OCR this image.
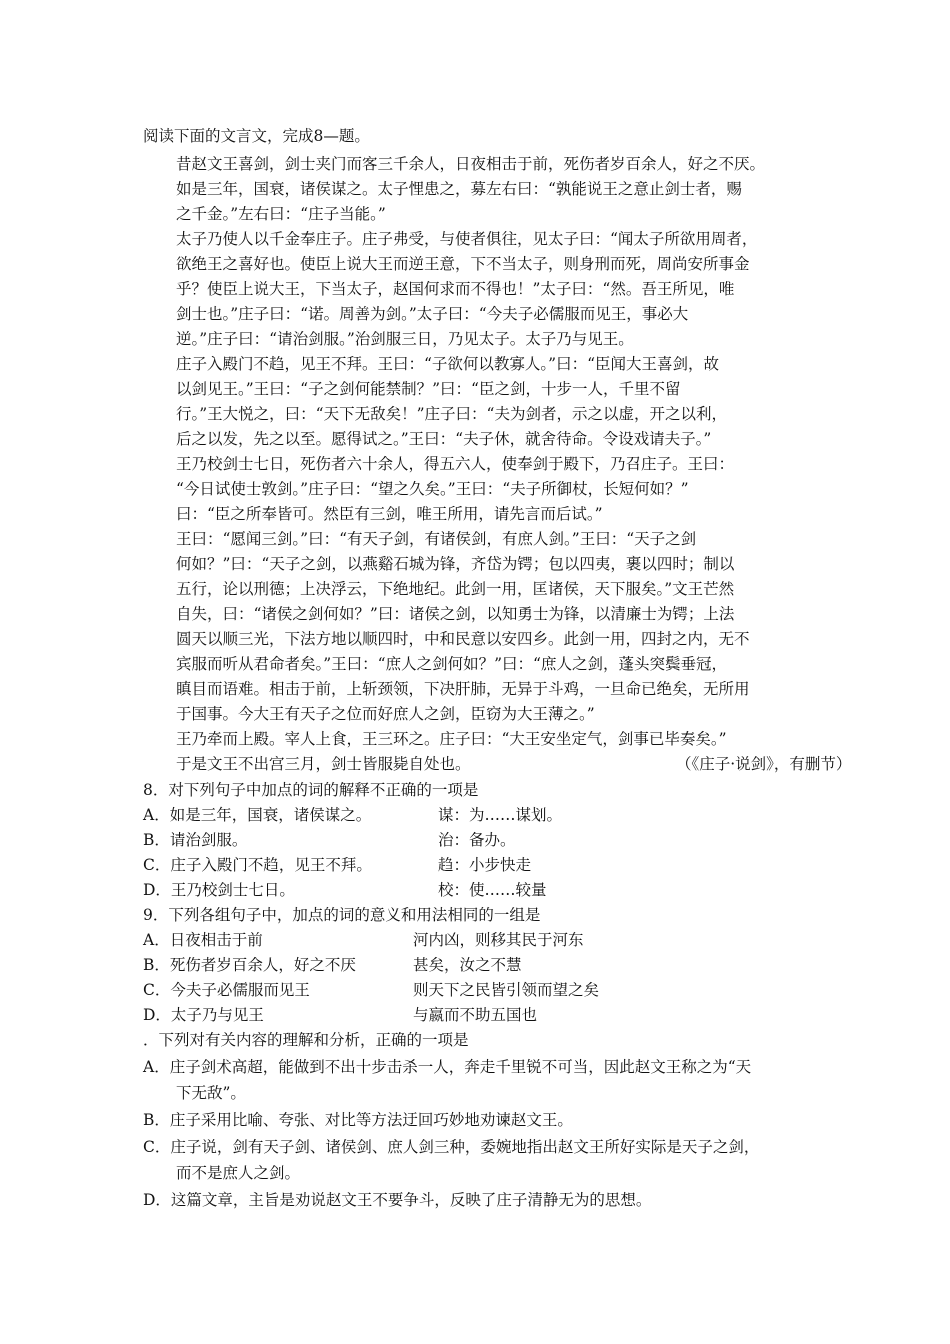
阅读下面的文言文，完成8—题。
昔赵文王喜剑，剑士夹门而客三千余人，日夜相击于前，死伤者岁百余人，好之不厌。
如是三年，国衰，诸侯谋之。太子悝患之，募左右曰：“孰能说王之意止剑士者，赐
之千金。”左右曰：“庄子当能。”
太子乃使人以千金奉庄子。庄子弗受，与使者俱往，见太子曰：“闻太子所欲用周者，
欲绝王之喜好也。使臣上说大王而逆王意，下不当太子，则身刑而死，周尚安所事金
乎？使臣上说大王，下当太子，赵国何求而不得也！”太子曰：“然。吾王所见，唯
剑士也。”庄子曰：“诺。周善为剑。”太子曰：“今夫子必儒服而见王，事必大
逆。”庄子曰：“请治剑服。”治剑服三日，乃见太子。太子乃与见王。
庄子入殿门不趋，见王不拜。王曰：“子欲何以教寡人。”曰：“臣闻大王喜剑，故
以剑见王。”王曰：“子之剑何能禁制？”曰：“臣之剑，十步一人，千里不留
行。”王大悦之，曰：“天下无敌矣！”庄子曰：“夫为剑者，示之以虚，开之以利，
后之以发，先之以至。愿得试之。”王曰：“夫子休，就舍待命。令设戏请夫子。”
王乃校剑士七日，死伤者六十余人，得五六人，使奉剑于殿下，乃召庄子。王曰：
“今日试使士敦剑。”庄子曰：“望之久矣。”王曰：“夫子所御杖，长短何如？”
曰：“臣之所奉皆可。然臣有三剑，唯王所用，请先言而后试。”
王曰：“愿闻三剑。”曰：“有天子剑，有诸侯剑，有庶人剑。”王曰：“天子之剑
何如？”曰：“天子之剑，以燕谿石城为锋，齐岱为锷；包以四夷，裹以四时；制以
五行，论以刑德；上决浮云，下绝地纪。此剑一用，匡诸侯，天下服矣。”文王芒然
自失，曰：“诸侯之剑何如？”曰：诸侯之剑，以知勇士为锋，以清廉士为锷；上法
圆天以顺三光，下法方地以顺四时，中和民意以安四乡。此剑一用，四封之内，无不
宾服而听从君命者矣。”王曰：“庶人之剑何如？”曰：“庶人之剑，蓬头突鬓垂冠，
瞋目而语难。相击于前，上斩颈领，下决肝肺，无异于斗鸡，一旦命已绝矣，无所用
于国事。今大王有天子之位而好庶人之剑，臣窃为大王薄之。”
王乃牵而上殿。宰人上食，王三环之。庄子曰：“大王安坐定气，剑事已毕奏矣。”
于是文王不出宫三月，剑士皆服毙自处也。	（《庄子·说剑》，有删节）
8．对下列句子中加点的词的解释不正确的一项是
A．如是三年，国衰，诸侯谋之。	谋：为……谋划。
B．请治剑服。	治：备办。
C．庄子入殿门不趋，见王不拜。	趋：小步快走
D．王乃校剑士七日。	校：使……较量
9．下列各组句子中，加点的词的意义和用法相同的一组是
A．日夜相击于前	河内凶，则移其民于河东
B．死伤者岁百余人，好之不厌	甚矣，汝之不慧
C．今夫子必儒服而见王	则天下之民皆引领而望之矣
D．太子乃与见王	与嬴而不助五国也
．下列对有关内容的理解和分析，正确的一项是
A．庄子剑术高超，能做到不出十步击杀一人，奔走千里锐不可当，因此赵文王称之为“天
下无敌”。
B．庄子采用比喻、夸张、对比等方法迂回巧妙地劝谏赵文王。
C．庄子说，剑有天子剑、诸侯剑、庶人剑三种，委婉地指出赵文王所好实际是天子之剑，
而不是庶人之剑。
D．这篇文章，主旨是劝说赵文王不要争斗，反映了庄子清静无为的思想。
